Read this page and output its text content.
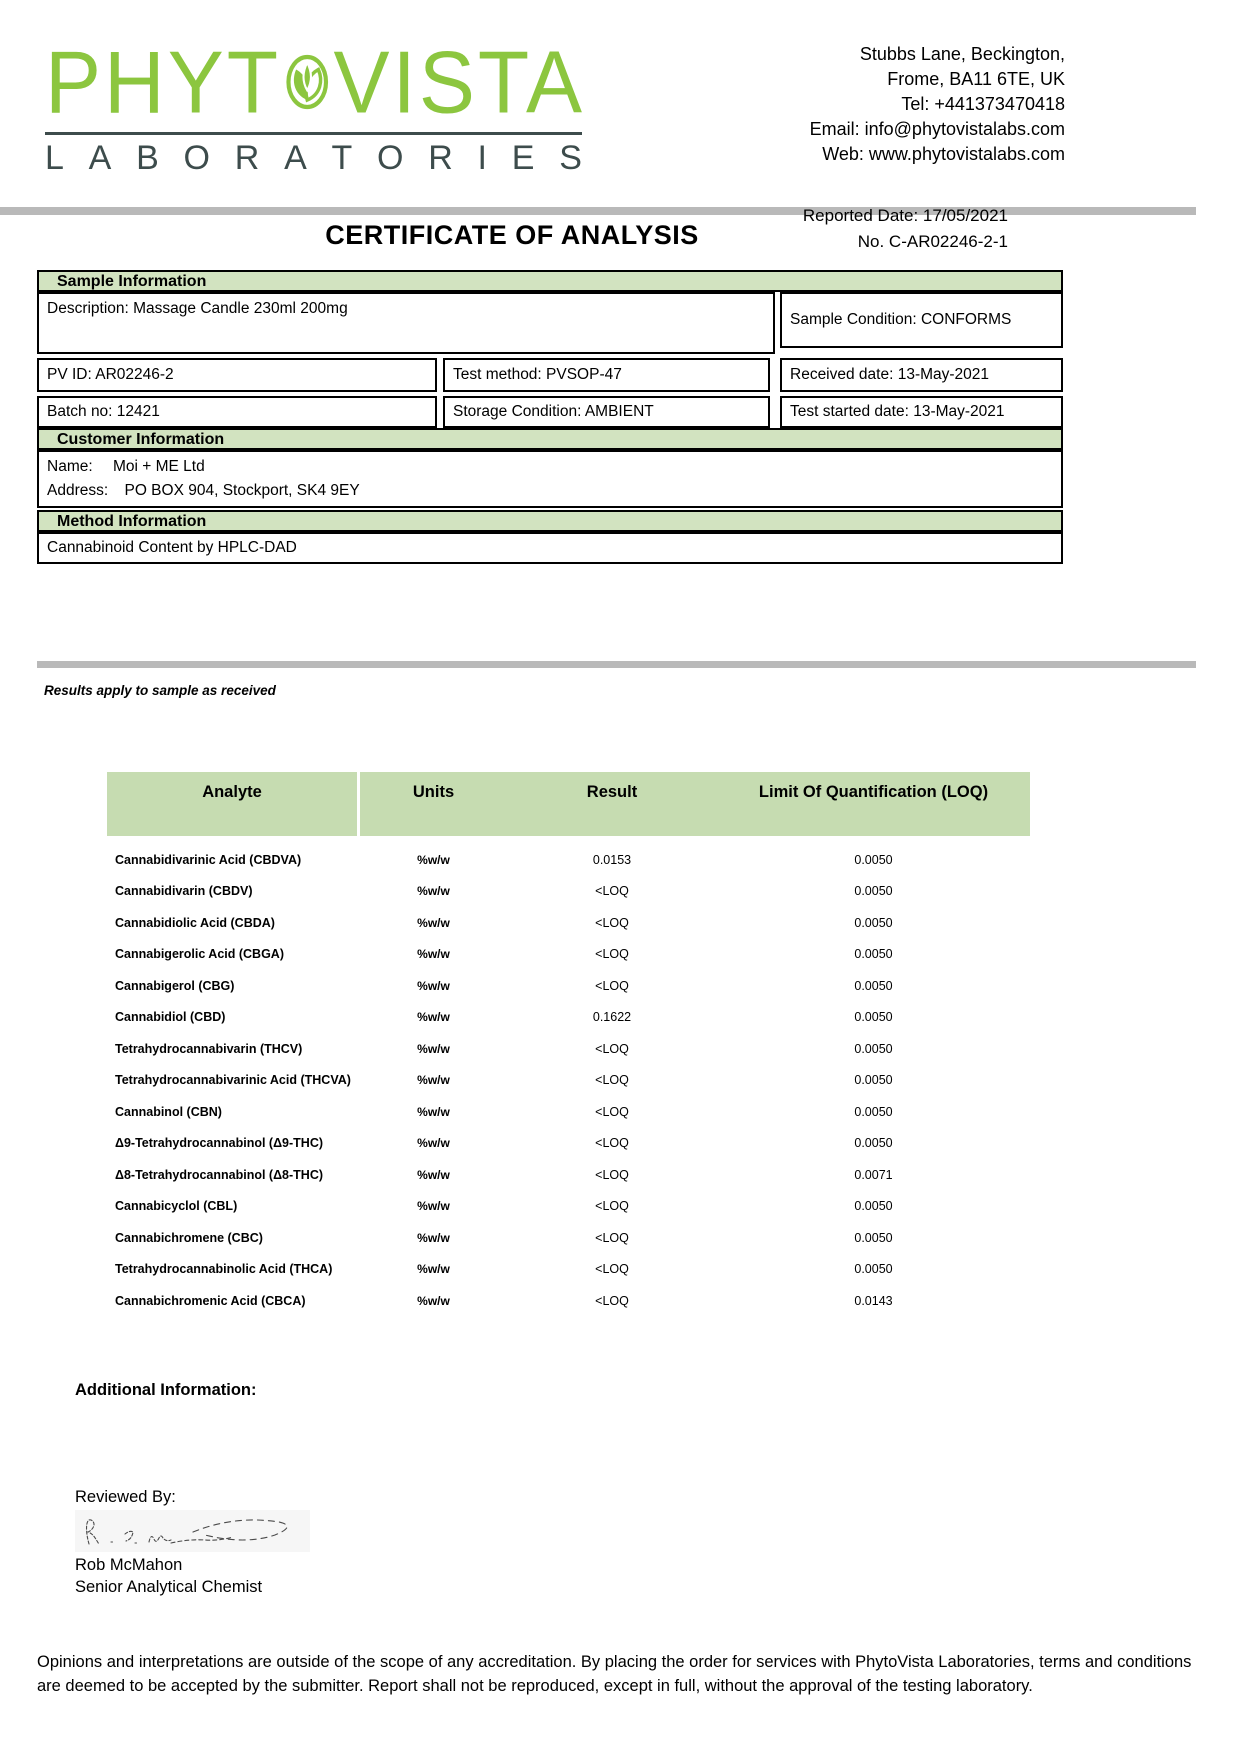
PHYT VISTA
L A B O R A T O R I E S
Stubbs Lane, Beckington,
Frome, BA11 6TE, UK
Tel: +441373470418
Email: info@phytovistalabs.com
Web: www.phytovistalabs.com
CERTIFICATE OF ANALYSIS
Reported Date: 17/05/2021
No. C-AR02246-2-1
Sample Information
Description: Massage Candle 230ml 200mg
Sample Condition: CONFORMS
PV ID: AR02246-2	Test method: PVSOP-47	Received date: 13-May-2021
Batch no: 12421	Storage Condition: AMBIENT	Test started date: 13-May-2021
Customer Information
Name: Moi + ME Ltd
Address: PO BOX 904, Stockport, SK4 9EY
Method Information
Cannabinoid Content by HPLC-DAD
Results apply to sample as received
Analyte	Units	Result	Limit Of Quantification (LOQ)
Cannabidivarinic Acid (CBDVA)	%w/w	0.0153	0.0050
Cannabidivarin (CBDV)	%w/w	<LOQ	0.0050
Cannabidiolic Acid (CBDA)	%w/w	<LOQ	0.0050
Cannabigerolic Acid (CBGA)	%w/w	<LOQ	0.0050
Cannabigerol (CBG)	%w/w	<LOQ	0.0050
Cannabidiol (CBD)	%w/w	0.1622	0.0050
Tetrahydrocannabivarin (THCV)	%w/w	<LOQ	0.0050
Tetrahydrocannabivarinic Acid (THCVA)	%w/w	<LOQ	0.0050
Cannabinol (CBN)	%w/w	<LOQ	0.0050
Δ9-Tetrahydrocannabinol (Δ9-THC)	%w/w	<LOQ	0.0050
Δ8-Tetrahydrocannabinol (Δ8-THC)	%w/w	<LOQ	0.0071
Cannabicyclol (CBL)	%w/w	<LOQ	0.0050
Cannabichromene (CBC)	%w/w	<LOQ	0.0050
Tetrahydrocannabinolic Acid (THCA)	%w/w	<LOQ	0.0050
Cannabichromenic Acid (CBCA)	%w/w	<LOQ	0.0143
Additional Information:
Reviewed By:
Rob McMahon
Senior Analytical Chemist
Opinions and interpretations are outside of the scope of any accreditation. By placing the order for services with PhytoVista Laboratories, terms and conditions are deemed to be accepted by the submitter. Report shall not be reproduced, except in full, without the approval of the testing laboratory.
